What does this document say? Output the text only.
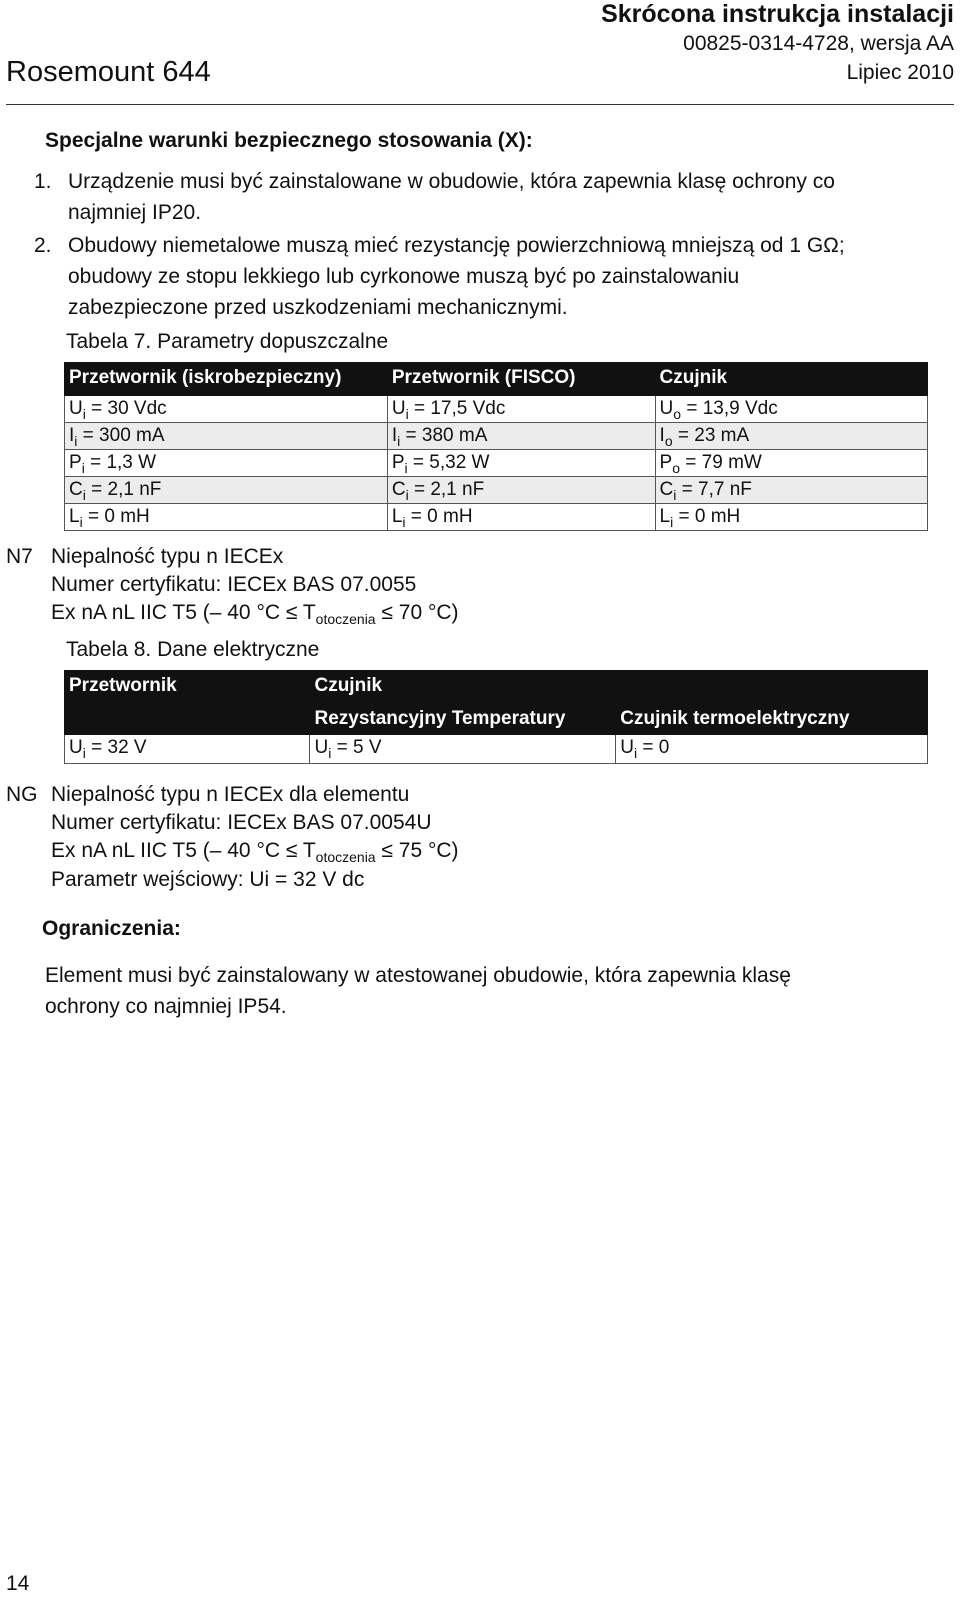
Skrócona instrukcja instalacji
00825-0314-4728, wersja AA
Lipiec 2010
Rosemount 644
Specjalne warunki bezpiecznego stosowania (X):
1. Urządzenie musi być zainstalowane w obudowie, która zapewnia klasę ochrony co
najmniej IP20.
2. Obudowy niemetalowe muszą mieć rezystancję powierzchniową mniejszą od 1 GΩ;
obudowy ze stopu lekkiego lub cyrkonowe muszą być po zainstalowaniu
zabezpieczone przed uszkodzeniami mechanicznymi.
Tabela 7. Parametry dopuszczalne
Przetwornik (iskrobezpieczny)	Przetwornik (FISCO)	Czujnik
$U_i = 30$ Vdc	$U_i = 17,5$ Vdc	$U_o = 13,9$ Vdc
$I_i = 300$ mA	$I_i = 380$ mA	$I_o = 23$ mA
$P_i = 1,3$ W	$P_i = 5,32$ W	$P_o = 79$ mW
$C_i = 2,1$ nF	$C_i = 2,1$ nF	$C_i = 7,7$ nF
$L_i = 0$ mH	$L_i = 0$ mH	$L_i = 0$ mH
N7 Niepalność typu n IECEx
Numer certyfikatu: IECEx BAS 07.0055
Ex nA nL IIC T5 (– 40 $^\circ C \le T_{otoczenia} \le 70$ °C)
Tabela 8. Dane elektryczne
Przetwornik	Czujnik	
	Rezystancyjny Temperatury	Czujnik termoelektryczny
$U_i = 32$ V	$U_i = 5$ V	$U_i = 0$
NG Niepalność typu n IECEx dla elementu
Numer certyfikatu: IECEx BAS 07.0054U
Ex nA nL IIC T5 (– 40 $^\circ C \le T_{otoczenia} \le 75$ °C)
Parametr wejściowy: Ui = 32 V dc
Ograniczenia:
Element musi być zainstalowany w atestowanej obudowie, która zapewnia klasę
ochrony co najmniej IP54.
14
